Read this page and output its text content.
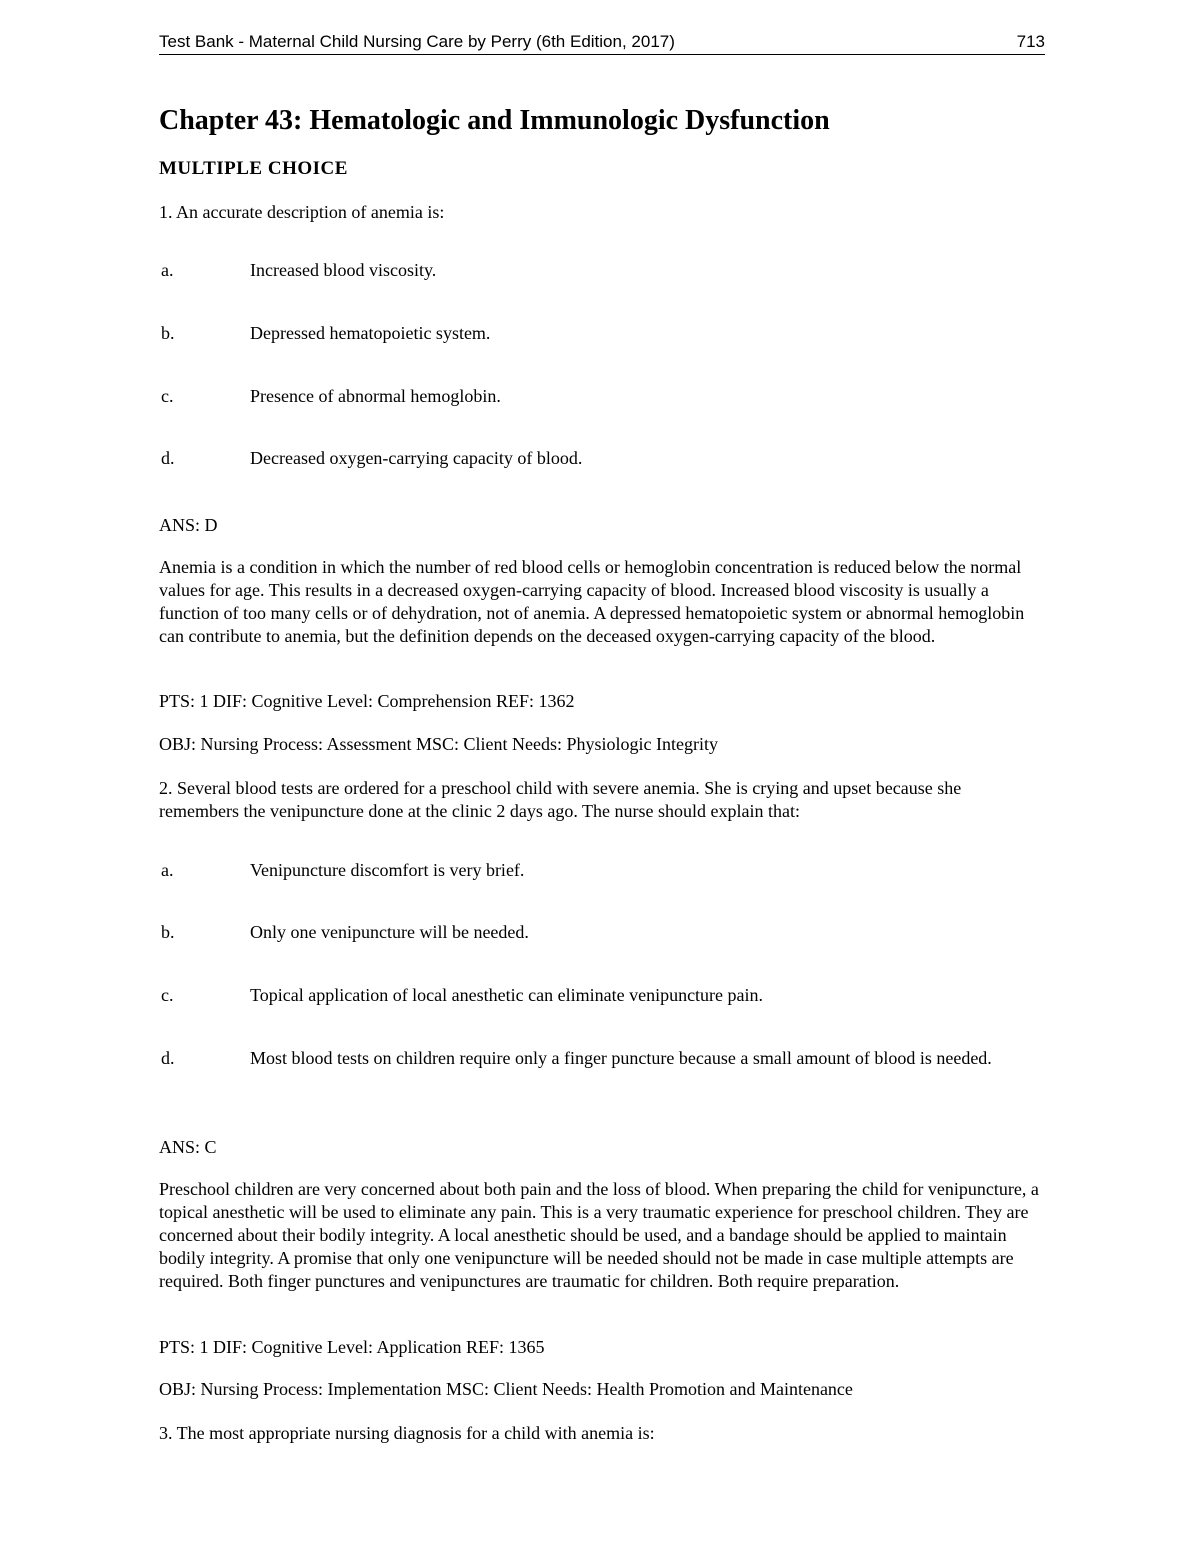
Test Bank - Maternal Child Nursing Care by Perry (6th Edition, 2017)	713
Chapter 43: Hematologic and Immunologic Dysfunction
MULTIPLE CHOICE
1. An accurate description of anemia is:
a.	Increased blood viscosity.
b.	Depressed hematopoietic system.
c.	Presence of abnormal hemoglobin.
d.	Decreased oxygen-carrying capacity of blood.
ANS: D
Anemia is a condition in which the number of red blood cells or hemoglobin concentration is reduced below the normal values for age. This results in a decreased oxygen-carrying capacity of blood. Increased blood viscosity is usually a function of too many cells or of dehydration, not of anemia. A depressed hematopoietic system or abnormal hemoglobin can contribute to anemia, but the definition depends on the deceased oxygen-carrying capacity of the blood.
PTS: 1 DIF: Cognitive Level: Comprehension REF: 1362
OBJ: Nursing Process: Assessment MSC: Client Needs: Physiologic Integrity
2. Several blood tests are ordered for a preschool child with severe anemia. She is crying and upset because she
remembers the venipuncture done at the clinic 2 days ago. The nurse should explain that:
a.	Venipuncture discomfort is very brief.
b.	Only one venipuncture will be needed.
c.	Topical application of local anesthetic can eliminate venipuncture pain.
d.	Most blood tests on children require only a finger puncture because a small amount of blood is needed.
ANS: C
Preschool children are very concerned about both pain and the loss of blood. When preparing the child for venipuncture, a topical anesthetic will be used to eliminate any pain. This is a very traumatic experience for preschool children. They are concerned about their bodily integrity. A local anesthetic should be used, and a bandage should be applied to maintain bodily integrity. A promise that only one venipuncture will be needed should not be made in case multiple attempts are required. Both finger punctures and venipunctures are traumatic for children. Both require preparation.
PTS: 1 DIF: Cognitive Level: Application REF: 1365
OBJ: Nursing Process: Implementation MSC: Client Needs: Health Promotion and Maintenance
3. The most appropriate nursing diagnosis for a child with anemia is:
